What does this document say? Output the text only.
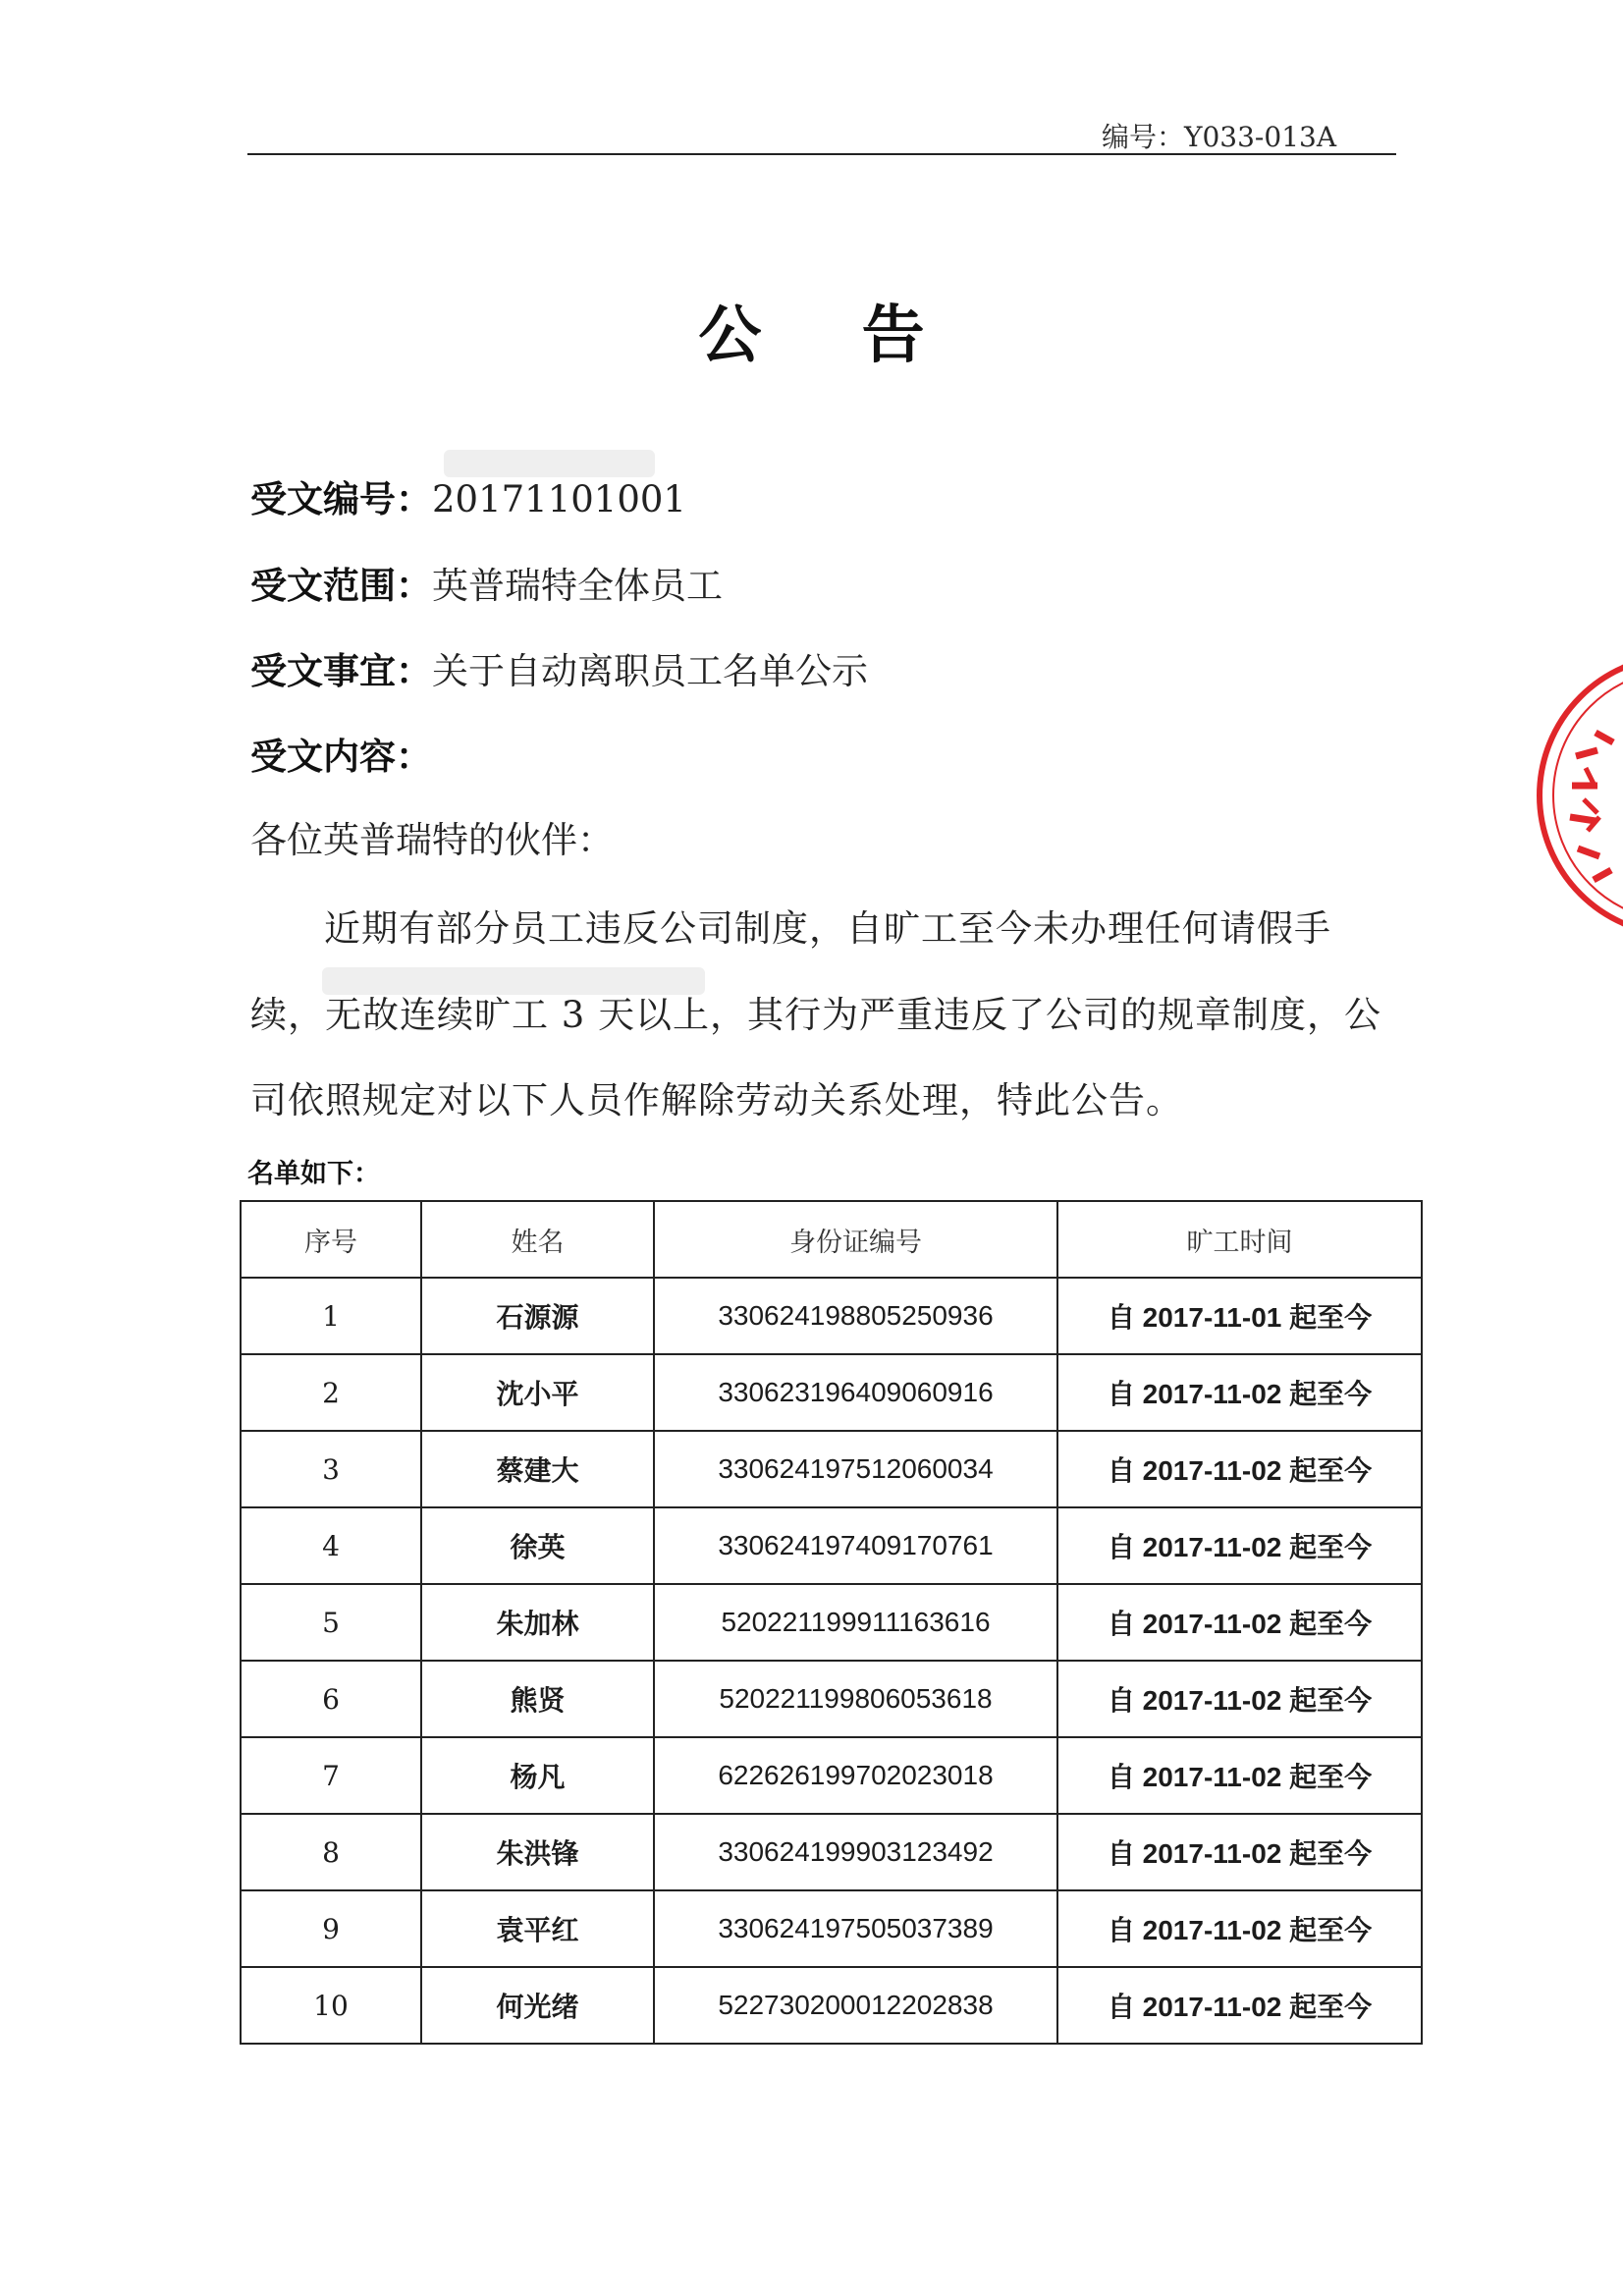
编号：Y033-013A
公 告
受文编号：20171101001
受文范围：英普瑞特全体员工
受文事宜：关于自动离职员工名单公示
受文内容：
各位英普瑞特的伙伴：
近期有部分员工违反公司制度，自旷工至今未办理任何请假手
续，无故连续旷工 3 天以上，其行为严重违反了公司的规章制度，公
司依照规定对以下人员作解除劳动关系处理，特此公告。
名单如下：
序号	姓名	身份证编号	旷工时间
1	石源源	330624198805250936	自 2017-11-01 起至今
2	沈小平	330623196409060916	自 2017-11-02 起至今
3	蔡建大	330624197512060034	自 2017-11-02 起至今
4	徐英	330624197409170761	自 2017-11-02 起至今
5	朱加林	520221199911163616	自 2017-11-02 起至今
6	熊贤	520221199806053618	自 2017-11-02 起至今
7	杨凡	622626199702023018	自 2017-11-02 起至今
8	朱洪锋	330624199903123492	自 2017-11-02 起至今
9	袁平红	330624197505037389	自 2017-11-02 起至今
10	何光绪	522730200012202838	自 2017-11-02 起至今
